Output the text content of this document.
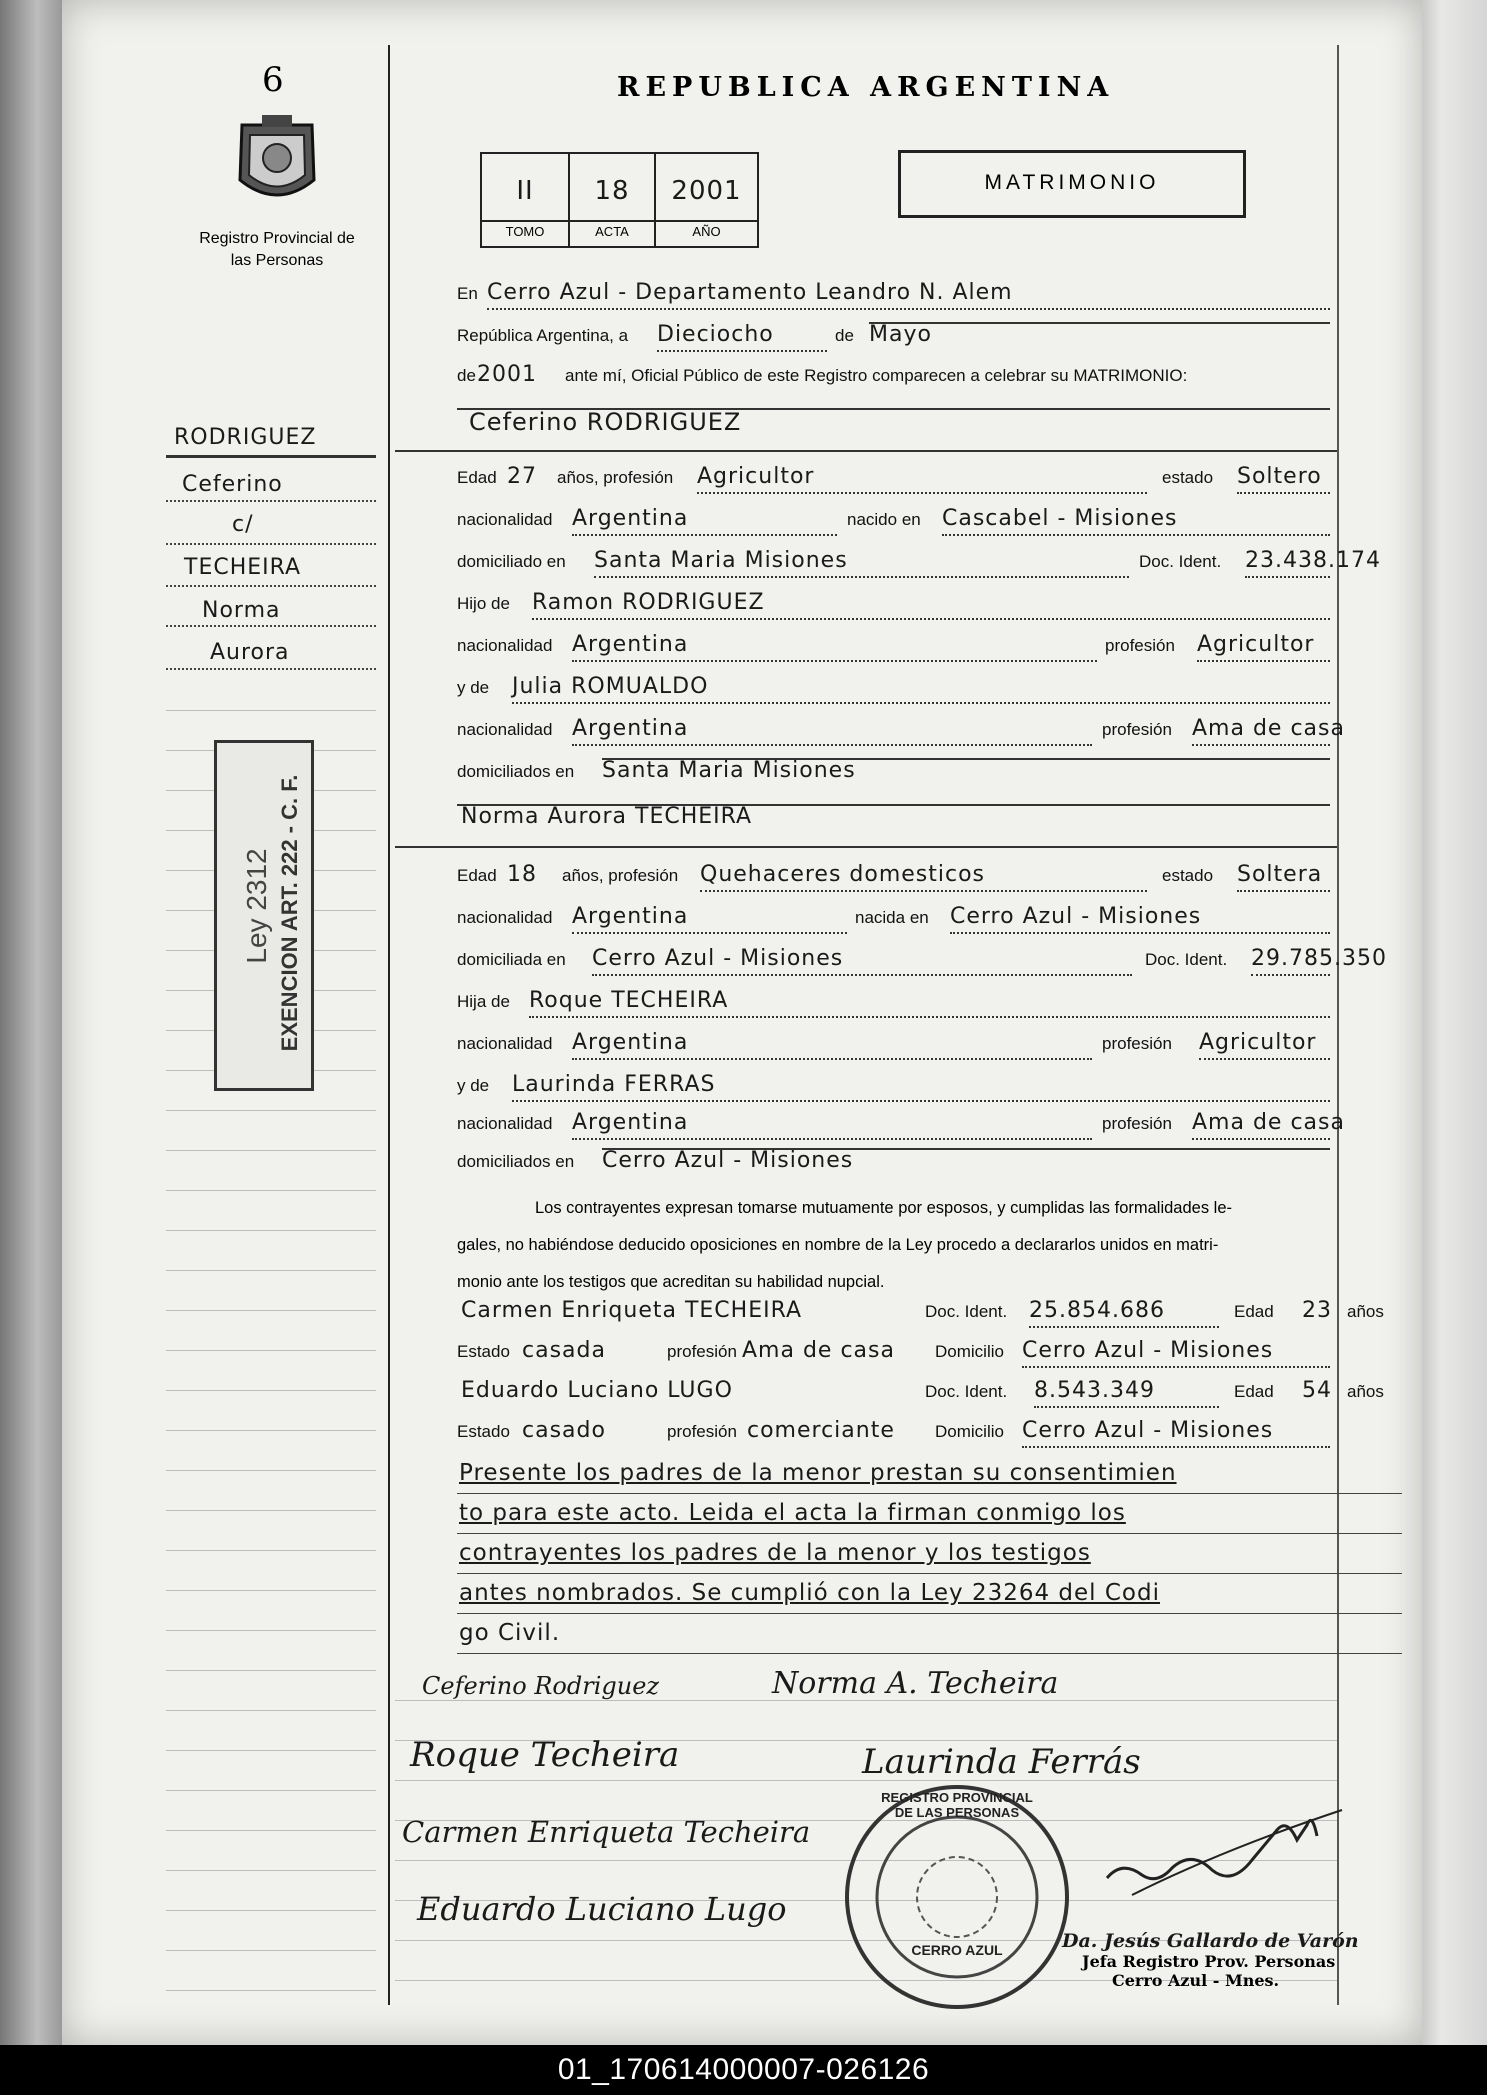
6
Registro Provincial de las Personas
REPUBLICA ARGENTINA
II	18	2001
TOMO	ACTA	AÑO
MATRIMONIO
En Cerro Azul - Departamento Leandro N. Alem
República Argentina, a Dieciocho	de Mayo
de 2001 ante mí, Oficial Público de este Registro comparecen a celebrar su MATRIMONIO:
Ceferino RODRIGUEZ
Edad 27 años, profesión Agricultor	estado Soltero
nacionalidad Argentina	nacido en Cascabel - Misiones
domiciliado en Santa Maria Misiones	Doc. Ident. 23.438.174
Hijo de Ramon RODRIGUEZ
nacionalidad Argentina	profesión Agricultor
y de Julia ROMUALDO
nacionalidad Argentina	profesión Ama de casa
domiciliados en Santa Maria Misiones
Norma Aurora TECHEIRA
Edad 18 años, profesión Quehaceres domesticos	estado Soltera
nacionalidad Argentina	nacida en Cerro Azul - Misiones
domiciliada en Cerro Azul - Misiones	Doc. Ident. 29.785.350
Hija de Roque TECHEIRA
nacionalidad Argentina	profesión Agricultor
y de Laurinda FERRAS
nacionalidad Argentina	profesión Ama de casa
domiciliados en Cerro Azul - Misiones
Los contrayentes expresan tomarse mutuamente por esposos, y cumplidas las formalidades le-
gales, no habiéndose deducido oposiciones en nombre de la Ley procedo a declararlos unidos en matri-
monio ante los testigos que acreditan su habilidad nupcial.
Carmen Enriqueta TECHEIRA	Doc. Ident. 25.854.686	Edad 23 años
Estado casada	profesión Ama de casa Domicilio Cerro Azul - Misiones
Eduardo Luciano LUGO	Doc. Ident. 8.543.349	Edad 54 años
Estado casado	profesión comerciante Domicilio Cerro Azul - Misiones
Presente los padres de la menor prestan su consentimien
to para este acto. Leida el acta la firman conmigo los
contrayentes los padres de la menor y los testigos
antes nombrados. Se cumplió con la Ley 23264 del Codi
go Civil.
Ceferino Rodriguez	Norma A. Techeira
Roque Techeira	Laurinda Ferrás
Carmen Enriqueta Techeira
Eduardo Luciano Lugo
REGISTRO PROVINCIAL DE LAS PERSONAS
CERRO AZUL	Da. Jesús Gallardo de Varón
Jefa Registro Prov. Personas
Cerro Azul - Mnes.
RODRIGUEZ
Ceferino
c/
TECHEIRA
Norma
Aurora
Ley 2312 EXENCION ART. 222 - C. F.
01_170614000007-026126
